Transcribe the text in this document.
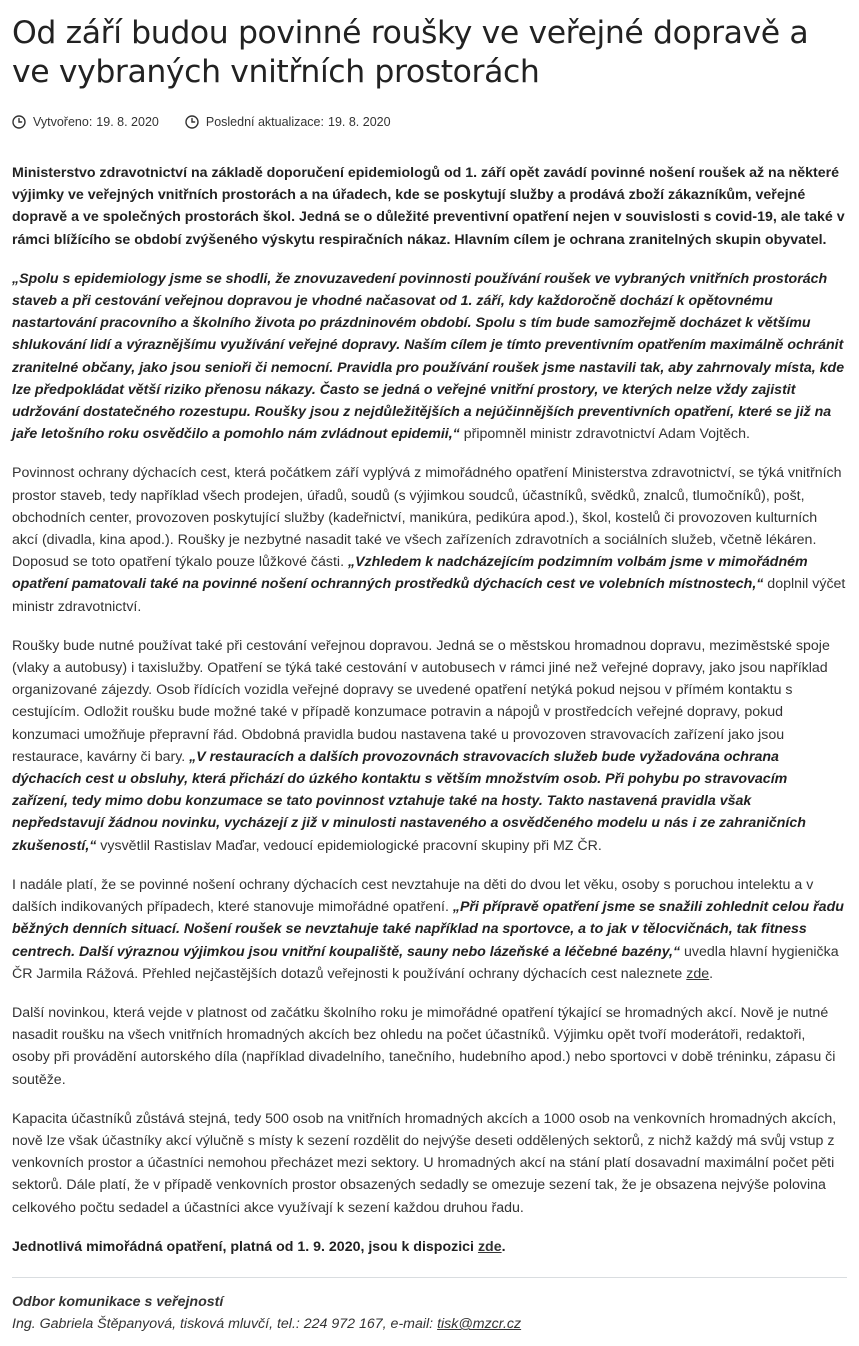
Od září budou povinné roušky ve veřejné dopravě a ve vybraných vnitřních prostorách
Vytvořeno: 19. 8. 2020	Poslední aktualizace: 19. 8. 2020

Ministerstvo zdravotnictví na základě doporučení epidemiologů od 1. září opět zavádí povinné nošení roušek až na některé výjimky ve veřejných vnitřních prostorách a na úřadech, kde se poskytují služby a prodává zboží zákazníkům, veřejné dopravě a ve společných prostorách škol. Jedná se o důležité preventivní opatření nejen v souvislosti s covid-19, ale také v rámci blížícího se období zvýšeného výskytu respiračních nákaz. Hlavním cílem je ochrana zranitelných skupin obyvatel.

„Spolu s epidemiology jsme se shodli, že znovuzavedení povinnosti používání roušek ve vybraných vnitřních prostorách staveb a při cestování veřejnou dopravou je vhodné načasovat od 1. září, kdy každoročně dochází k opětovnému nastartování pracovního a školního života po prázdninovém období. Spolu s tím bude samozřejmě docházet k většímu shlukování lidí a výraznějšímu využívání veřejné dopravy. Naším cílem je tímto preventivním opatřením maximálně ochránit zranitelné občany, jako jsou senioři či nemocní. Pravidla pro používání roušek jsme nastavili tak, aby zahrnovaly místa, kde lze předpokládat větší riziko přenosu nákazy. Často se jedná o veřejné vnitřní prostory, ve kterých nelze vždy zajistit udržování dostatečného rozestupu. Roušky jsou z nejdůležitějších a nejúčinnějších preventivních opatření, které se již na jaře letošního roku osvědčilo a pomohlo nám zvládnout epidemii,“ připomněl ministr zdravotnictví Adam Vojtěch.

Povinnost ochrany dýchacích cest, která počátkem září vyplývá z mimořádného opatření Ministerstva zdravotnictví, se týká vnitřních prostor staveb, tedy například všech prodejen, úřadů, soudů (s výjimkou soudců, účastníků, svědků, znalců, tlumočníků), pošt, obchodních center, provozoven poskytující služby (kadeřnictví, manikúra, pedikúra apod.), škol, kostelů či provozoven kulturních akcí (divadla, kina apod.). Roušky je nezbytné nasadit také ve všech zařízeních zdravotních a sociálních služeb, včetně lékáren. Doposud se toto opatření týkalo pouze lůžkové části. „Vzhledem k nadcházejícím podzimním volbám jsme v mimořádném opatření pamatovali také na povinné nošení ochranných prostředků dýchacích cest ve volebních místnostech,“ doplnil výčet ministr zdravotnictví.

Roušky bude nutné používat také při cestování veřejnou dopravou. Jedná se o městskou hromadnou dopravu, meziměstské spoje (vlaky a autobusy) i taxislužby. Opatření se týká také cestování v autobusech v rámci jiné než veřejné dopravy, jako jsou například organizované zájezdy. Osob řídících vozidla veřejné dopravy se uvedené opatření netýká pokud nejsou v přímém kontaktu s cestujícím. Odložit roušku bude možné také v případě konzumace potravin a nápojů v prostředcích veřejné dopravy, pokud konzumaci umožňuje přepravní řád. Obdobná pravidla budou nastavena také u provozoven stravovacích zařízení jako jsou restaurace, kavárny či bary. „V restauracích a dalších provozovnách stravovacích služeb bude vyžadována ochrana dýchacích cest u obsluhy, která přichází do úzkého kontaktu s větším množstvím osob. Při pohybu po stravovacím zařízení, tedy mimo dobu konzumace se tato povinnost vztahuje také na hosty. Takto nastavená pravidla však nepředstavují žádnou novinku, vycházejí z již v minulosti nastaveného a osvědčeného modelu u nás i ze zahraničních zkušeností,“ vysvětlil Rastislav Maďar, vedoucí epidemiologické pracovní skupiny při MZ ČR.

I nadále platí, že se povinné nošení ochrany dýchacích cest nevztahuje na děti do dvou let věku, osoby s poruchou intelektu a v dalších indikovaných případech, které stanovuje mimořádné opatření. „Při přípravě opatření jsme se snažili zohlednit celou řadu běžných denních situací. Nošení roušek se nevztahuje také například na sportovce, a to jak v tělocvičnách, tak fitness centrech. Další výraznou výjimkou jsou vnitřní koupaliště, sauny nebo lázeňské a léčebné bazény,“ uvedla hlavní hygienička ČR Jarmila Rážová. Přehled nejčastějších dotazů veřejnosti k používání ochrany dýchacích cest naleznete zde.

Další novinkou, která vejde v platnost od začátku školního roku je mimořádné opatření týkající se hromadných akcí. Nově je nutné nasadit roušku na všech vnitřních hromadných akcích bez ohledu na počet účastníků. Výjimku opět tvoří moderátoři, redaktoři, osoby při provádění autorského díla (například divadelního, tanečního, hudebního apod.) nebo sportovci v době tréninku, zápasu či soutěže.

Kapacita účastníků zůstává stejná, tedy 500 osob na vnitřních hromadných akcích a 1000 osob na venkovních hromadných akcích, nově lze však účastníky akcí výlučně s místy k sezení rozdělit do nejvýše deseti oddělených sektorů, z nichž každý má svůj vstup z venkovních prostor a účastníci nemohou přecházet mezi sektory. U hromadných akcí na stání platí dosavadní maximální počet pěti sektorů. Dále platí, že v případě venkovních prostor obsazených sedadly se omezuje sezení tak, že je obsazena nejvýše polovina celkového počtu sedadel a účastníci akce využívají k sezení každou druhou řadu.

Jednotlivá mimořádná opatření, platná od 1. 9. 2020, jsou k dispozici zde.

Odbor komunikace s veřejností

Ing. Gabriela Štěpanyová, tisková mluvčí, tel.: 224 972 167, e-mail: tisk@mzcr.cz
